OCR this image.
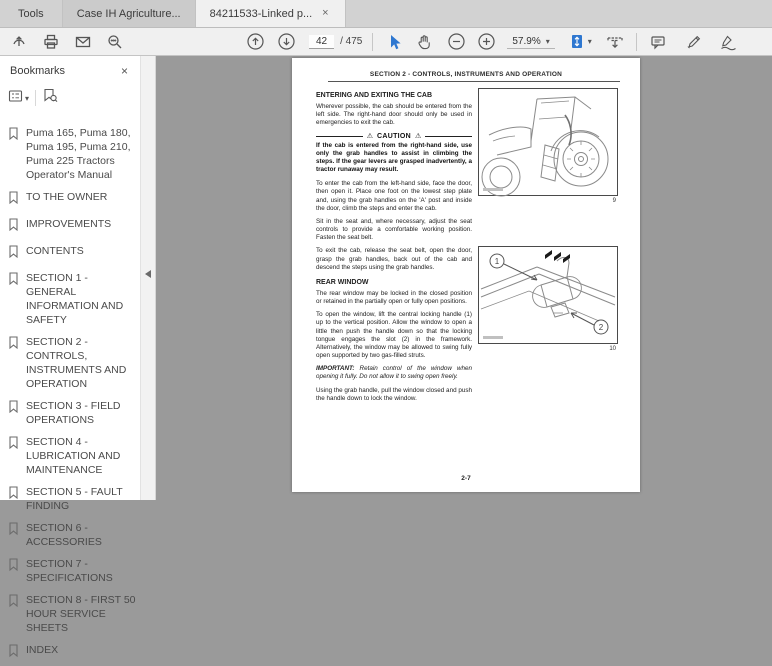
Tools	Case IH Agriculture...	84211533-Linked p... ×
42	/ 475	57.9% ▾	▾
Bookmarks	×
▾
Puma 165, Puma 180, Puma 195, Puma 210, Puma 225 Tractors Operator's Manual
TO THE OWNER
IMPROVEMENTS
CONTENTS
SECTION 1 - GENERAL INFORMATION AND SAFETY
SECTION 2 - CONTROLS, INSTRUMENTS AND OPERATION
SECTION 3 - FIELD OPERATIONS
SECTION 4 - LUBRICATION AND MAINTENANCE
SECTION 5 - FAULT FINDING
SECTION 6 - ACCESSORIES
SECTION 7 - SPECIFICATIONS
SECTION 8 - FIRST 50 HOUR SERVICE SHEETS
INDEX
SECTION 2 - CONTROLS, INSTRUMENTS AND OPERATION
ENTERING AND EXITING THE CAB
Wherever possible, the cab should be entered from the left side. The right-hand door should only be used in emergencies to exit the cab.
⚠ CAUTION ⚠
If the cab is entered from the right-hand side, use only the grab handles to assist in climbing the steps. If the gear levers are grasped inadvertently, a tractor runaway may result.
To enter the cab from the left-hand side, face the door, then open it. Place one foot on the lowest step plate and, using the grab handles on the 'A' post and inside the door, climb the steps and enter the cab.
Sit in the seat and, where necessary, adjust the seat controls to provide a comfortable working position. Fasten the seat belt.
To exit the cab, release the seat belt, open the door, grasp the grab handles, back out of the cab and descend the steps using the grab handles.
REAR WINDOW
The rear window may be locked in the closed position or retained in the partially open or fully open positions.
To open the window, lift the central locking handle (1) up to the vertical position. Allow the window to open a little then push the handle down so that the locking tongue engages the slot (2) in the framework. Alternatively, the window may be allowed to swing fully open supported by two gas-filled struts.
IMPORTANT: Retain control of the window when opening it fully. Do not allow it to swing open freely.
Using the grab handle, pull the window closed and push the handle down to lock the window.
9
1
2
10
2-7
